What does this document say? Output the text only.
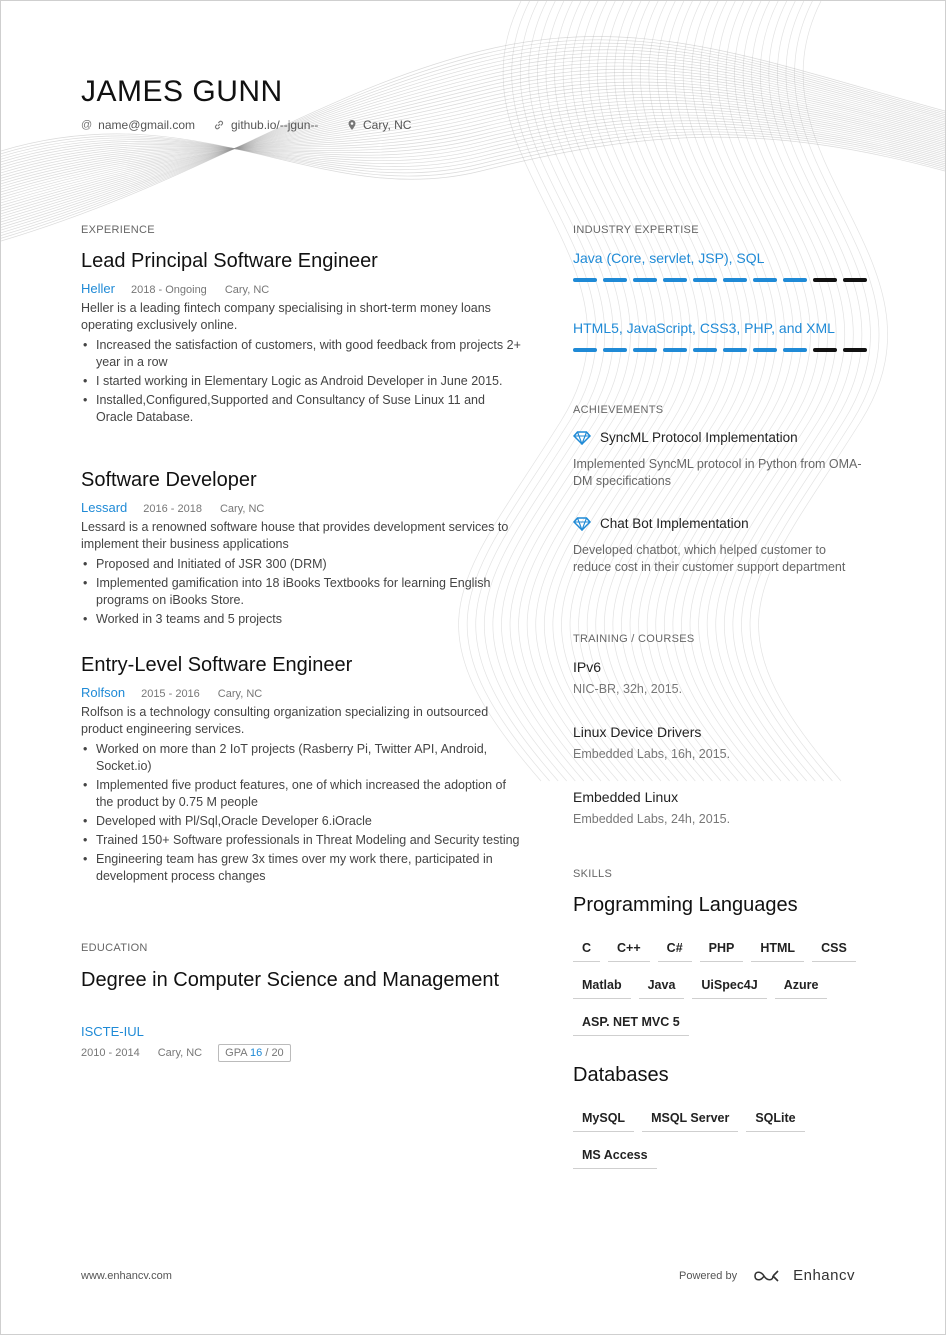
JAMES GUNN
@ name@gmail.com	github.io/--jgun--	Cary, NC
EXPERIENCE
Lead Principal Software Engineer
Heller 2018 - Ongoing Cary, NC
Heller is a leading fintech company specialising in short-term money loans operating exclusively online.
• Increased the satisfaction of customers, with good feedback from projects 2+ year in a row
• I started working in Elementary Logic as Android Developer in June 2015.
• Installed,Configured,Supported and Consultancy of Suse Linux 11 and Oracle Database.
Software Developer
Lessard 2016 - 2018 Cary, NC
Lessard is a renowned software house that provides development services to implement their business applications
• Proposed and Initiated of JSR 300 (DRM)
• Implemented gamification into 18 iBooks Textbooks for learning English programs on iBooks Store.
• Worked in 3 teams and 5 projects
Entry-Level Software Engineer
Rolfson 2015 - 2016 Cary, NC
Rolfson is a technology consulting organization specializing in outsourced product engineering services.
• Worked on more than 2 IoT projects (Rasberry Pi, Twitter API, Android, Socket.io)
• Implemented five product features, one of which increased the adoption of the product by 0.75 M people
• Developed with Pl/Sql,Oracle Developer 6.iOracle
• Trained 150+ Software professionals in Threat Modeling and Security testing
• Engineering team has grew 3x times over my work there, participated in development process changes
EDUCATION
Degree in Computer Science and Management
ISCTE-IUL
2010 - 2014 Cary, NC	GPA 16 / 20
INDUSTRY EXPERTISE
Java (Core, servlet, JSP), SQL
HTML5, JavaScript, CSS3, PHP, and XML
ACHIEVEMENTS
SyncML Protocol Implementation
Implemented SyncML protocol in Python from OMA-DM specifications
Chat Bot Implementation
Developed chatbot, which helped customer to reduce cost in their customer support department
TRAINING / COURSES
IPv6
NIC-BR, 32h, 2015.
Linux Device Drivers
Embedded Labs, 16h, 2015.
Embedded Linux
Embedded Labs, 24h, 2015.
SKILLS
Programming Languages
C	C++	C#	PHP	HTML	CSS
Matlab	Java	UiSpec4J	Azure
ASP. NET MVC 5
Databases
MySQL	MSQL Server	SQLite
MS Access
www.enhancv.com	Powered by	Enhancv
